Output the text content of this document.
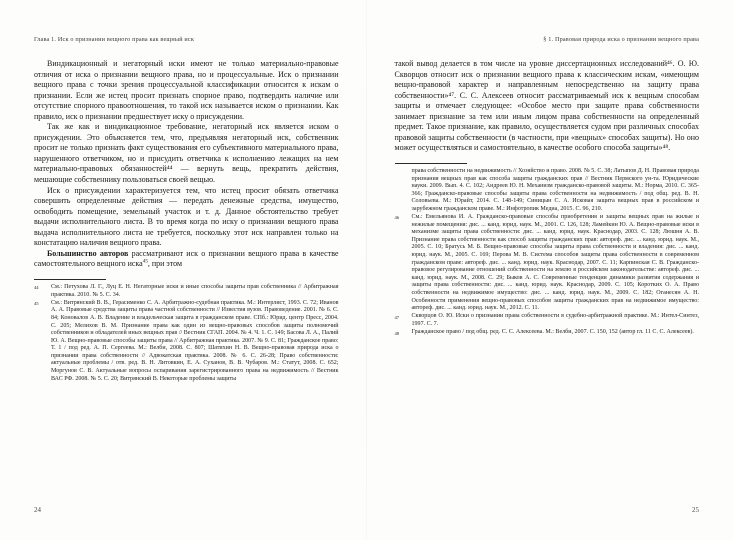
Глава 1. Иск о признании вещного права как вещный иск

Виндикационный и негаторный иски имеют не только материально-правовые отличия от иска о признании вещного права, но и процессуальные. Иск о признании вещного права с точки зрения процессуальной классификации относится к искам о признании. Если же истец просит признать спорное право, подтвердить наличие или отсутствие спорного правоотношения, то такой иск называется иском о признании. Как правило, иск о признании предшествует иску о присуждении.

Так же как и виндикационное требование, негаторный иск является иском о присуждении. Это объясняется тем, что, предъявляя негаторный иск, собственник просит не только признать факт существования его субъективного материального права, нарушенного ответчиком, но и присудить ответчика к исполнению лежащих на нем материально-правовых обязанностей⁴⁴ — вернуть вещь, прекратить действия, мешающие собственнику пользоваться своей вещью.

Иск о присуждении характеризуется тем, что истец просит обязать ответчика совершить определенные действия — передать денежные средства, имущество, освободить помещение, земельный участок и т. д. Данное обстоятельство требует выдачи исполнительного листа. В то время когда по иску о признании вещного права выдача исполнительного листа не требуется, поскольку этот иск направлен только на констатацию наличия вещного права.

Большинство авторов рассматривают иск о признании вещного права в качестве самостоятельного вещного иска$^{45}$, при этом

44	См.: Петухова Л. Г., Луц Е. Н. Негаторные иски и иные способы защиты прав собственника // Арбитражная практика. 2010. № 5. С. 34.
45	См.: Витрянский В. В., Герасименко С. А. Арбитражно-судебная практика. М.: Интерлист, 1993. С. 72; Иванов А. А. Правовые средства защиты права частной собственности // Известия вузов. Правоведение. 2001. № 6. С. 84; Коновалов А. В. Владение и владельческая защита в гражданском праве. СПб.: Юрид. центр Пресс, 2004. С. 205; Мелихов В. М. Признание права как один из вещно-правовых способов защиты полномочий собственников и обладателей иных вещных прав // Вестник СГАП. 2004. № 4. Ч. 1. С. 149; Басова Л. А., Палий Ю. А. Вещно-правовые способы защиты права // Арбитражная практика. 2007. № 9. С. 81; Гражданское право: Т. 1 / под ред. А. П. Сергеева. М.: Велби, 2008. С. 807; Шатихин Н. В. Вещно-правовая природа иска о признании права собственности // Адвокатская практика. 2008. № 6. С. 26-28; Право собственности: актуальные проблемы / отв. ред. В. Н. Литовкин, Е. А. Суханов, В. В. Чубаров. М.: Статут, 2008. С. 652; Моргунов С. В. Актуальные вопросы оспаривания зарегистрированного права на недвижимость // Вестник ВАС РФ. 2008. № 5. С. 20; Витрянский В. Некоторые проблемы защиты
24
§ 1. Правовая природа иска о признании вещного права

такой вывод делается в том числе на уровне диссертационных исследований⁴⁶. О. Ю. Скворцов относит иск о признании вещного права к классическим искам, «имеющим вещно-правовой характер и направленным непосредственно на защиту права собственности»⁴⁷. С. С. Алексеев относит рассматриваемый иск к вещным способам защиты и отмечает следующее: «Особое место при защите права собственности занимает признание за тем или иным лицом права собственности на определенный предмет. Такое признание, как правило, осуществляется судом при различных способах правовой защиты собственности (в частности, при «вещных» способах защиты). Но оно может осуществляться и самостоятельно, в качестве особого способа защиты»⁴⁸.

права собственности на недвижимость // Хозяйство и право. 2008. № 5. С. 38; Латыпов Д. Н. Правовая природа признания вещных прав как способа защиты гражданских прав // Вестник Пермского ун-та. Юридические науки. 2009. Вып. 4. С. 102; Андреев Ю. Н. Механизм гражданско-правовой защиты. М.: Норма, 2010. С. 365-366; Гражданско-правовые способы защиты права собственности на недвижимость / под общ. ред. В. Н. Соловьева. М.: Юрайт, 2014. С. 148-149; Синицын С. А. Исковая защита вещных прав в российском и зарубежном гражданском праве. М.: Инфотропик Медиа, 2015. С. 96, 210.
46	См.: Емельянова И. А. Гражданско-правовые способы приобретения и защиты вещных прав на жилые и нежилые помещения: дис. ... канд. юрид. наук. М., 2001. С. 126, 128; Ламейкин Ю. А. Вещно-правовые иски в механизме защиты права собственности: дис. ... канд. юрид. наук. Краснодар, 2003. С. 128; Люшня А. В. Признание права собственности как способ защиты гражданских прав: автореф. дис. ... канд. юрид. наук. М., 2005. С. 10; Братусь М. Б. Вещно-правовые способы защиты права собственности и владения: дис. ... канд. юрид. наук. М., 2005. С. 169; Перова М. В. Система способов защиты права собственности в современном гражданском праве: автореф. дис. ... канд. юрид. наук. Краснодар, 2007. С. 11; Карпинская С. В. Гражданско-правовое регулирование отношений собственности на землю в российском законодательстве: автореф. дис. ... канд. юрид. наук. М., 2008. С. 29; Быков А. С. Современные тенденции динамики развития содержания и защиты права собственности: дис. ... канд. юрид. наук. Краснодар, 2009. С. 105; Коротких О. А. Право собственности на недвижимое имущество: дис. ... канд. юрид. наук. М., 2009. С. 182; Оганесян А. Н. Особенности применения вещно-правовых способов защиты гражданских прав на недвижимое имущество: автореф. дис. ... канд. юрид. наук. М., 2012. С. 11.
47	Скворцов О. Ю. Иски о признании права собственности в судебно-арбитражной практике. М.: Интел-Синтез, 1997. С. 7.
48	Гражданское право / под общ. ред. С. С. Алексеева. М.: Велби, 2007. С. 150, 152 (автор гл. 11 С. С. Алексеев).
25
